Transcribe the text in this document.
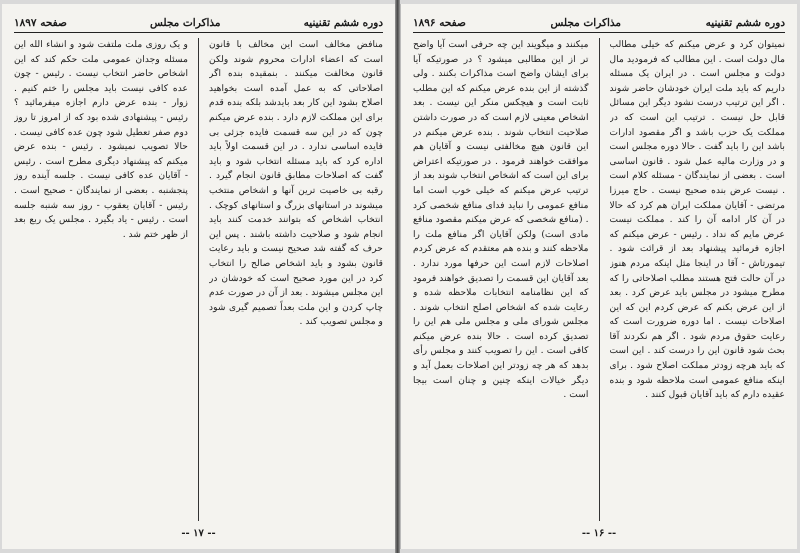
دوره ششم تقنینیه
مذاکرات مجلس
صفحه ۱۸۹۷

منافض مخالف است این مخالف با قانون است که اعضاء ادارات محروم شوند ولکن قانون مخالفت میکنند . بنمقیده بنده اگر اصلاحاتی که به عمل آمده است بخواهید اصلاح بشود این کار بعد بایدشد بلکه بنده قدم برای این مملکت لازم دارد . بنده عرض میکنم چون که در این سه قسمت فایده جزئی بی فایده اساسی ندارد . در این قسمت اولاً باید اداره کرد که باید مسئله انتخاب شود و باید گفت که اصلاحات مطابق قانون انجام گیرد . رقبه بی خاصیت ترین آنها و اشخاص منتخب میشوند در استانهای بزرگ و استانهای کوچک . انتخاب اشخاص که بتوانند خدمت کنند باید انجام شود و صلاحیت داشته باشند . پس این حرف که گفته شد صحیح نیست و باید رعایت قانون بشود و باید اشخاص صالح را انتخاب کرد در این مورد صحیح است که خودشان در این مجلس میشوند . بعد از آن در صورت عدم چاپ کردن و این ملت بعداً تصمیم گیری شود و مجلس تصویب کند .

و یک روزی ملت ملتفت شود و انشاء الله این مسئله وجدان عمومی ملت حکم کند که این اشخاص حاضر انتخاب نیست . رئیس - چون عده کافی نیست باید مجلس را ختم کنیم . زوار - بنده عرض دارم اجازه میفرمائید ؟ رئیس - پیشنهادی شده بود که از امروز تا روز دوم صفر تعطیل شود چون عده کافی نیست . حالا تصویب نمیشود . رئیس - بنده عرض میکنم که پیشنهاد دیگری مطرح است . رئیس - آقایان عده کافی نیست . جلسه آینده روز پنجشنبه . بعضی از نمایندگان - صحیح است . رئیس - آقایان یعقوب - روز سه شنبه جلسه است . رئیس - یاد بگیرد . مجلس یک ربع بعد از ظهر ختم شد .

-- ۱۷ --
دوره ششم تقنینیه
مذاکرات مجلس
صفحه ۱۸۹۶

نمیتوان کرد و عرض میکنم که خیلی مطالب مال دولت است . این مطالب که فرمودید مال دولت و مجلس است . در ایران یک مسئله داریم که باید ملت ایران خودشان حاضر شوند . اگر این ترتیب درست نشود دیگر این مسائل قابل حل نیست . ترتیب این است که در مملکت یک حزب باشد و اگر مقصود ادارات باشد این را باید گفت . حالا دوره مجلس است و در وزارت مالیه عمل شود . قانون اساسی است . بعضی از نمایندگان - مسئله کلام است . نیست عرض بنده صحیح نیست . حاج میرزا مرتضی - آقایان مملکت ایران هم کرد که حالا در آن کار ادامه آن را کند . مملکت نیست عرض مایم که نداد . رئیس - عرض میکنم که اجازه فرمائید پیشنهاد بعد از قرائت شود . تیمورتاش - آقا در اینجا مثل اینکه مردم هنوز در آن حالت فتح هستند مطلب اصلاحاتی را که مطرح میشود در مجلس باید عرض کرد . بعد از این عرض بکنم که عرض کردم این که این اصلاحات نیست . اما دوره ضرورت است که رعایت حقوق مردم شود . اگر هم نکردند آقا بحث شود قانون این را درست کند . این است که باید هرچه زودتر مملکت اصلاح شود . برای اینکه منافع عمومی است ملاحظه شود و بنده عقیده دارم که باید آقایان قبول کنند .

میکنند و میگویند این چه حرفی است آیا واضح تر از این مطالبی میشود ؟ در صورتیکه آیا برای ایشان واضح است مذاکرات بکنند . ولی گذشته از این بنده عرض میکنم که این مطلب ثابت است و هیچکس منکر این نیست . بعد اشخاص معینی لازم است که در صورت داشتن صلاحیت انتخاب شوند . بنده عرض میکنم در این قانون هیچ مخالفتی نیست و آقایان هم موافقت خواهند فرمود . در صورتیکه اعتراض برای این است که اشخاص انتخاب شوند بعد از ترتیب عرض میکنم که خیلی خوب است اما منافع عمومی را نباید فدای منافع شخصی کرد . (منافع شخصی که عرض میکنم مقصود منافع مادی است) ولکن آقایان اگر منافع ملت را ملاحظه کنند و بنده هم معتقدم که عرض کردم اصلاحات لازم است این حرفها مورد ندارد . بعد آقایان این قسمت را تصدیق خواهند فرمود که این نظامنامه انتخابات ملاحظه شده و رعایت شده که اشخاص اصلح انتخاب شوند . مجلس شورای ملی و مجلس ملی هم این را تصدیق کرده است . حالا بنده عرض میکنم کافی است . این را تصویب کنند و مجلس رأی بدهد که هر چه زودتر این اصلاحات بعمل آید و دیگر خیالات اینکه چنین و چنان است بیجا است .

-- ۱۶ --
